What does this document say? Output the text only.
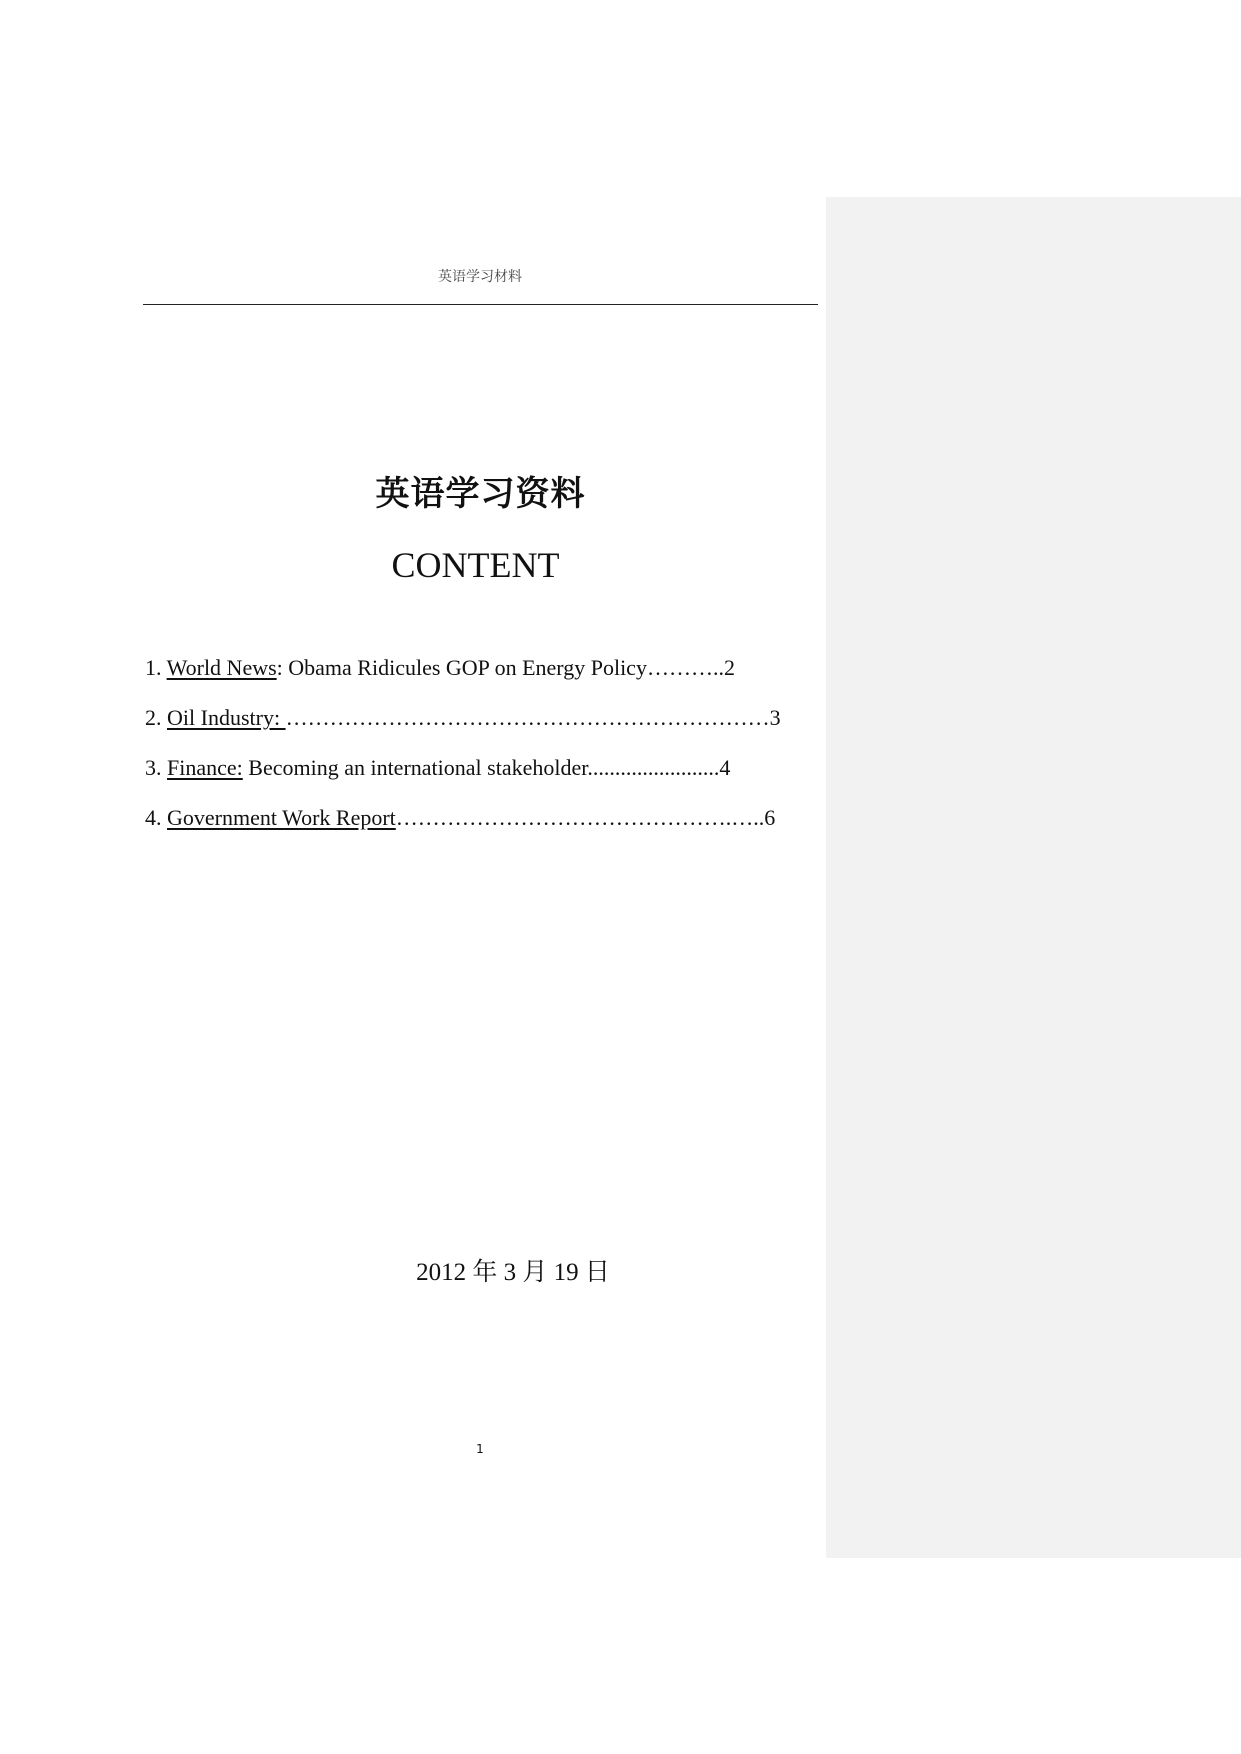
英语学习材料
英语学习资料
CONTENT
1. World News: Obama Ridicules GOP on Energy Policy………..2
2. Oil Industry: …………………………………………………………3
3. Finance: Becoming an international stakeholder........................4
4. Government Work Report……………………………………….…..6
2012 年 3 月 19 日
1
